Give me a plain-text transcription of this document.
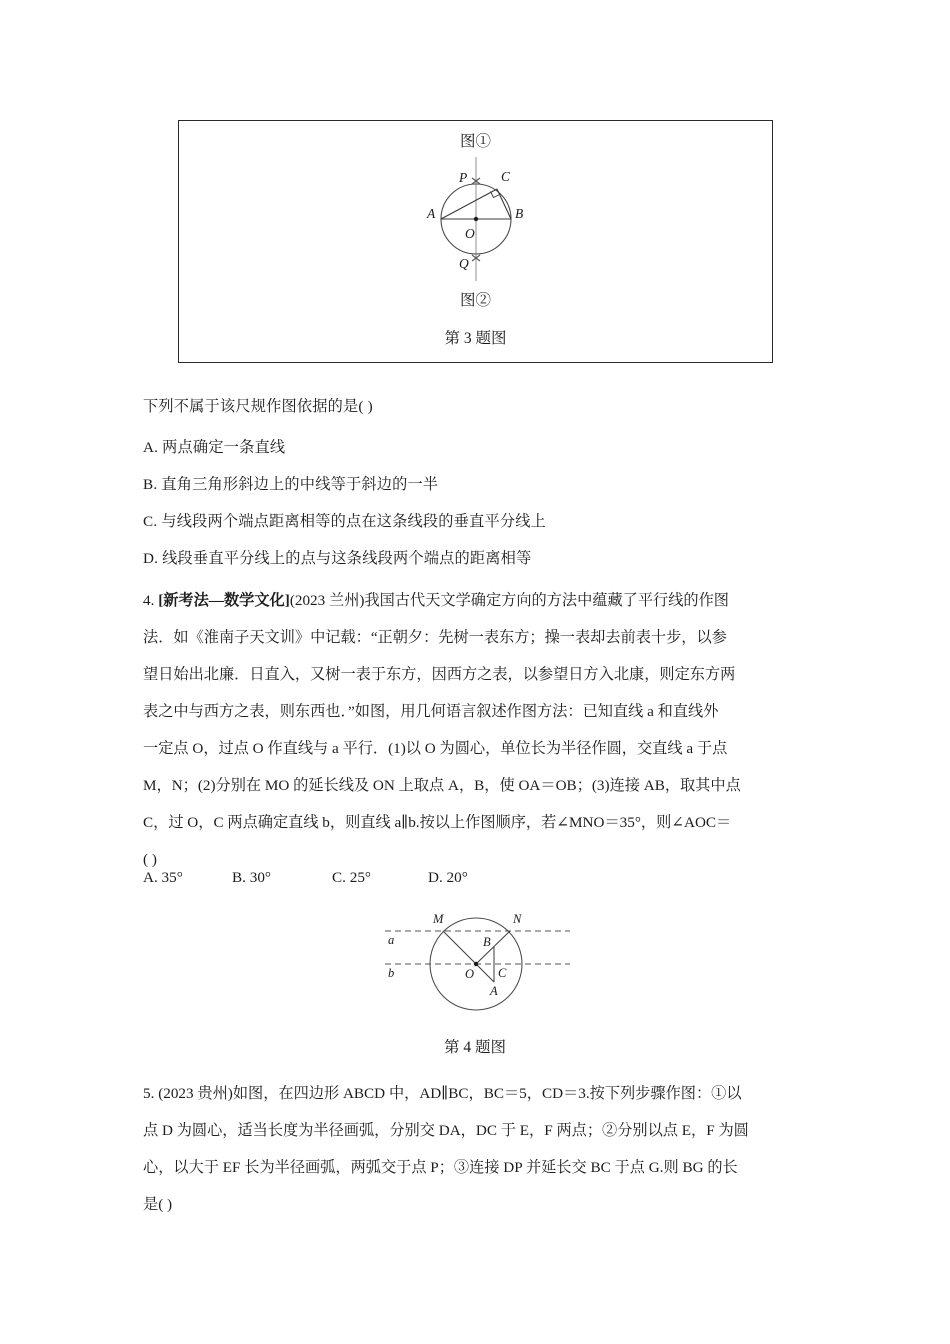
图①
P
Q
A	B
C
O
图②
第 3 题图
下列不属于该尺规作图依据的是( )
A. 两点确定一条直线
B. 直角三角形斜边上的中线等于斜边的一半
C. 与线段两个端点距离相等的点在这条线段的垂直平分线上
D. 线段垂直平分线上的点与这条线段两个端点的距离相等
4. [新考法—数学文化](2023 兰州)我国古代天文学确定方向的方法中蕴藏了平行线的作图
法．如《淮南子天文训》中记载：“正朝夕：先树一表东方；操一表却去前表十步，以参
望日始出北廉．日直入，又树一表于东方，因西方之表，以参望日方入北康，则定东方两
表之中与西方之表，则东西也．”如图，用几何语言叙述作图方法：已知直线 a 和直线外
一定点 O，过点 O 作直线与 a 平行．(1)以 O 为圆心，单位长为半径作圆，交直线 a 于点
M，N；(2)分别在 MO 的延长线及 ON 上取点 A，B，使 OA＝OB；(3)连接 AB，取其中点
C，过 O，C 两点确定直线 b，则直线 a∥b.按以上作图顺序，若∠MNO＝35°，则∠AOC＝
( )
A. 35°	B. 30°	C. 25°	D. 20°
M	N
a
b
B
O C
A
第 4 题图
5. (2023 贵州)如图，在四边形 ABCD 中，AD∥BC，BC＝5，CD＝3.按下列步骤作图：①以
点 D 为圆心，适当长度为半径画弧，分别交 DA，DC 于 E，F 两点；②分别以点 E，F 为圆
心，以大于 EF 长为半径画弧，两弧交于点 P；③连接 DP 并延长交 BC 于点 G.则 BG 的长
是( )
